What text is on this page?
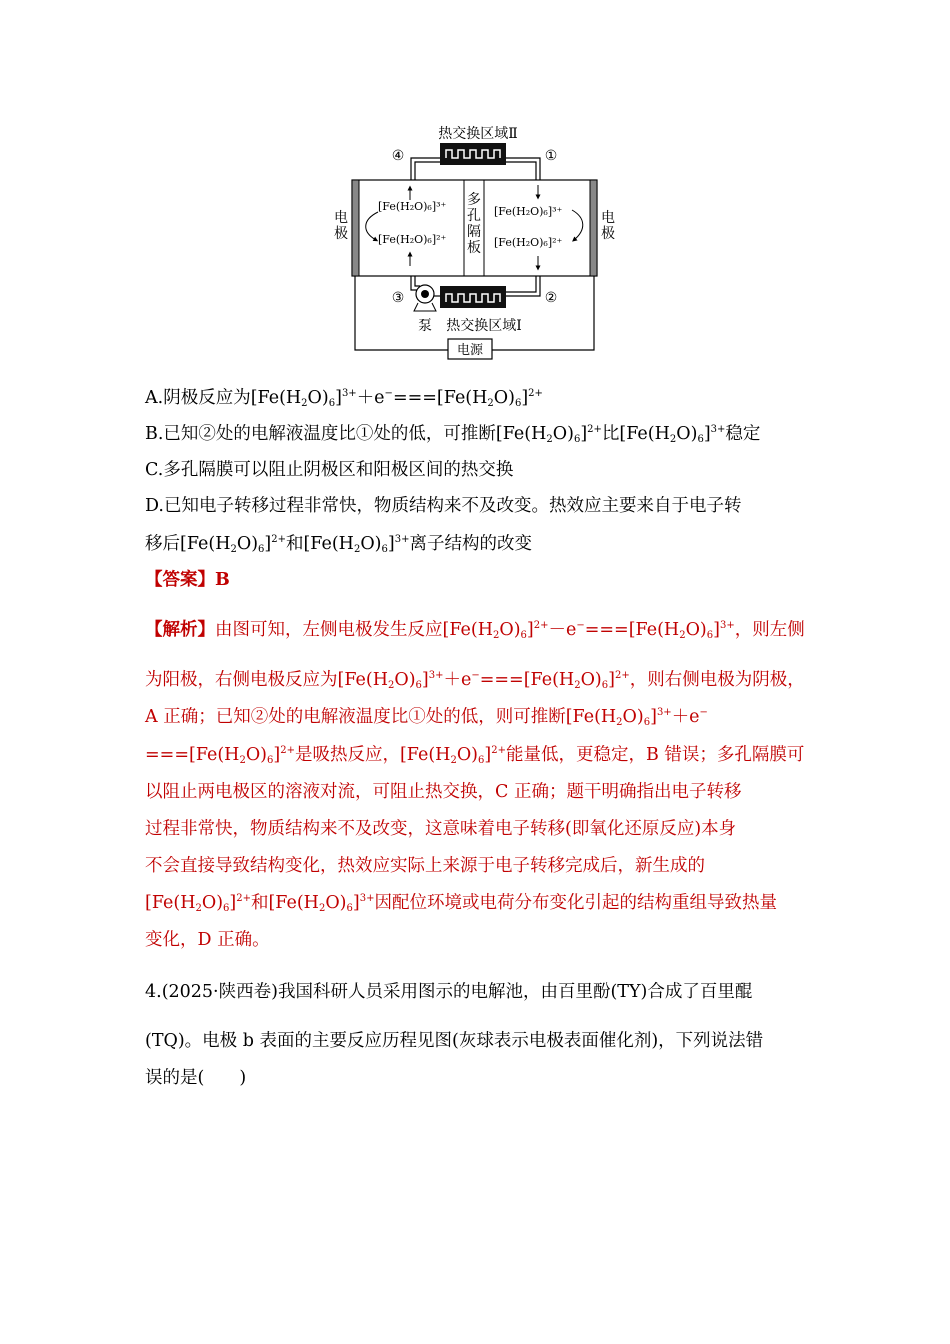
热交换区域Ⅱ
④	①
多
孔
隔
板
电
极
电
极
[Fe(H₂O)₆]³⁺
[Fe(H₂O)₆]²⁺
[Fe(H₂O)₆]³⁺
[Fe(H₂O)₆]²⁺
③	②
泵 热交换区域Ⅰ
电源
A.阴极反应为$[Fe(H_2O)_6]^{3+}+e^-===[Fe(H_2O)_6]^{2+}$
B.已知②处的电解液温度比①处的低，可推断$[Fe(H_2O)_6]^{2+}$比$[Fe(H_2O)_6]^{3+}$稳定
C.多孔隔膜可以阻止阴极区和阳极区间的热交换
D.已知电子转移过程非常快，物质结构来不及改变。热效应主要来自于电子转
移后$[Fe(H_2O)_6]^{2+}$和$[Fe(H_2O)_6]^{3+}$离子结构的改变
【答案】B
【解析】由图可知，左侧电极发生反应$[Fe(H_2O)_6]^{2+}-e^-===[Fe(H_2O)_6]^{3+}$，则左侧
为阳极，右侧电极反应为$[Fe(H_2O)_6]^{3+}+e^-===[Fe(H_2O)_6]^{2+}$，则右侧电极为阴极，
A 正确；已知②处的电解液温度比①处的低，则可推断$[Fe(H_2O)_6]^{3+}+e^-$
$===[Fe(H_2O)_6]^{2+}$是吸热反应，$[Fe(H_2O)_6]^{2+}$能量低，更稳定，B 错误；多孔隔膜可
以阻止两电极区的溶液对流，可阻止热交换，C 正确；题干明确指出电子转移
过程非常快，物质结构来不及改变，这意味着电子转移(即氧化还原反应)本身
不会直接导致结构变化，热效应实际上来源于电子转移完成后，新生成的
$[Fe(H_2O)_6]^{2+}$和$[Fe(H_2O)_6]^{3+}$因配位环境或电荷分布变化引起的结构重组导致热量
变化，D 正确。
4.(2025·陕西卷)我国科研人员采用图示的电解池，由百里酚(TY)合成了百里醌
(TQ)。电极 b 表面的主要反应历程见图(灰球表示电极表面催化剂)，下列说法错
误的是(　　)
